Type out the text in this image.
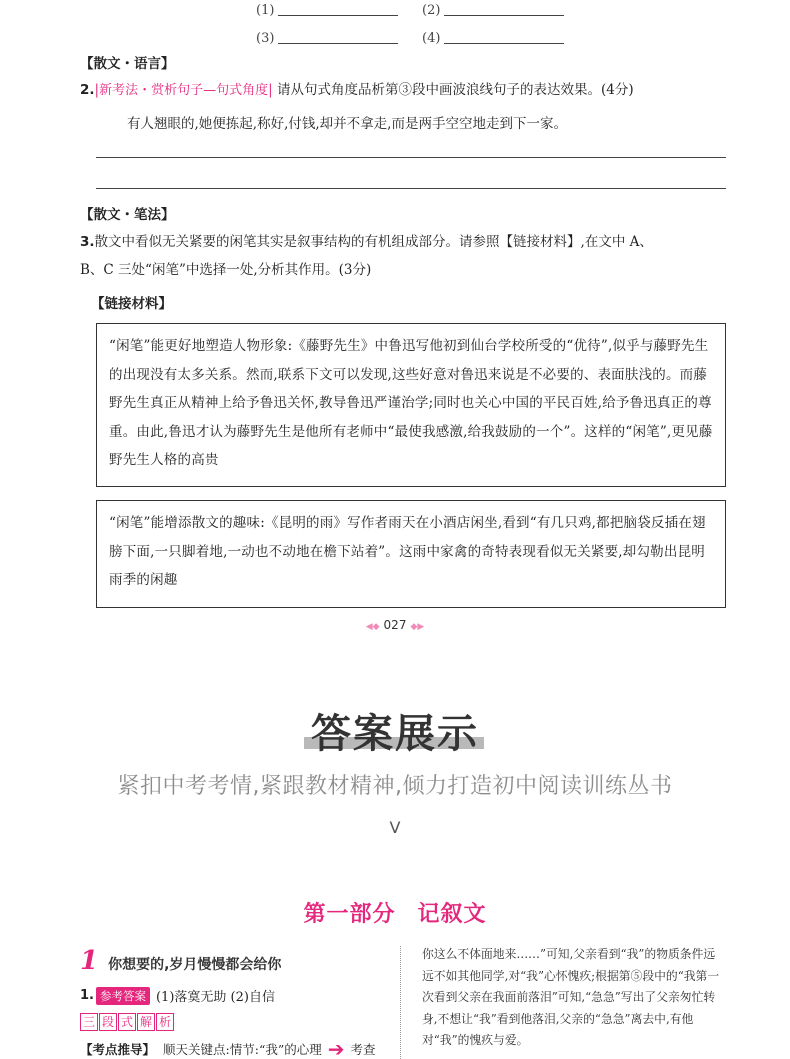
(1)	(2)
(3)	(4)
【散文・语言】
2.|新考法・赏析句子—句式角度| 请从句式角度品析第③段中画波浪线句子的表达效果。(4分)
有人翘眼的,她便拣起,称好,付钱,却并不拿走,而是两手空空地走到下一家。
【散文・笔法】
3.散文中看似无关紧要的闲笔其实是叙事结构的有机组成部分。请参照【链接材料】,在文中 A、
B、C 三处“闲笔”中选择一处,分析其作用。(3分)
【链接材料】
“闲笔”能更好地塑造人物形象:《藤野先生》中鲁迅写他初到仙台学校所受的“优待”,似乎与藤野先生的出现没有太多关系。然而,联系下文可以发现,这些好意对鲁迅来说是不必要的、表面肤浅的。而藤野先生真正从精神上给予鲁迅关怀,教导鲁迅严谨治学;同时也关心中国的平民百姓,给予鲁迅真正的尊重。由此,鲁迅才认为藤野先生是他所有老师中“最使我感激,给我鼓励的一个”。这样的“闲笔”,更见藤野先生人格的高贵
“闲笔”能增添散文的趣味:《昆明的雨》写作者雨天在小酒店闲坐,看到“有几只鸡,都把脑袋反插在翅膀下面,一只脚着地,一动也不动地在檐下站着”。这雨中家禽的奇特表现看似无关紧要,却勾勒出昆明雨季的闲趣
◀◆ 027 ◆▶
答案展示
紧扣中考考情,紧跟教材精神,倾力打造初中阅读训练丛书
V
第一部分 记叙文
1 你想要的,岁月慢慢都会给你
1. 参考答案 (1)落寞无助 (2)自信
三 段 式 解 析
【考点推导】 顺天关键点:情节:“我”的心理 ➔ 考查
你这么不体面地来……”可知,父亲看到“我”的物质条件远远不如其他同学,对“我”心怀愧疚;根据第⑤段中的“我第一次看到父亲在我面前落泪”可知,“急急”写出了父亲匆忙转身,不想让“我”看到他落泪,父亲的“急急”离去中,有他对“我”的愧疚与爱。
